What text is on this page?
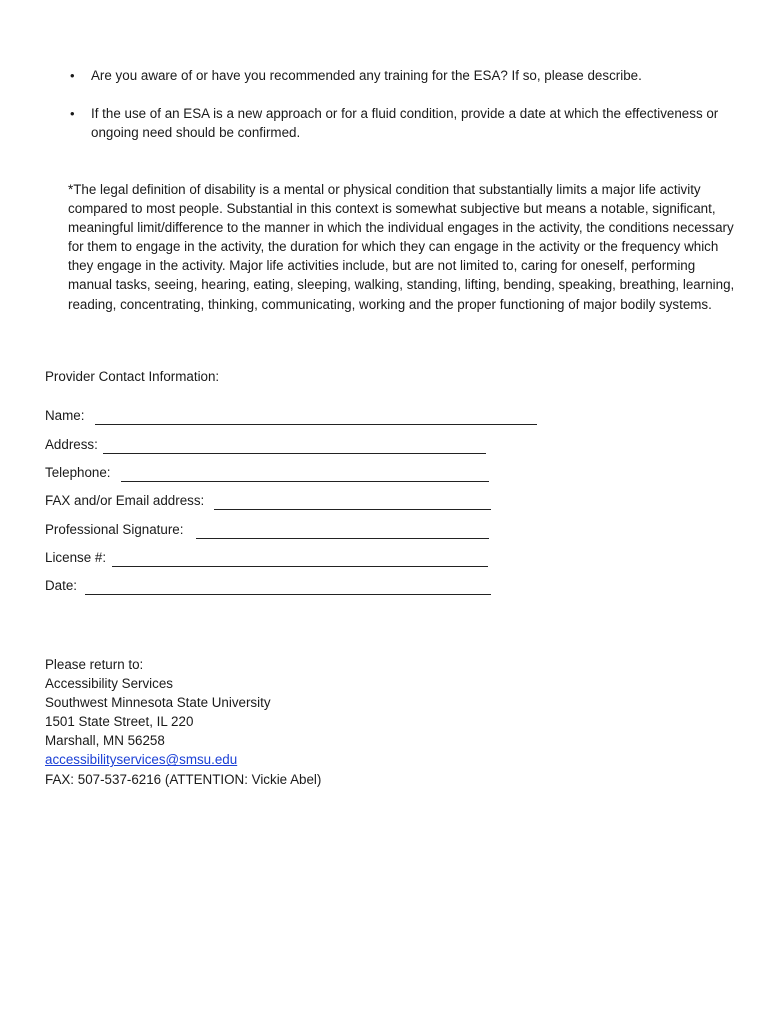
• Are you aware of or have you recommended any training for the ESA? If so, please describe.
• If the use of an ESA is a new approach or for a fluid condition, provide a date at which the effectiveness or ongoing need should be confirmed.
*The legal definition of disability is a mental or physical condition that substantially limits a major life activity compared to most people. Substantial in this context is somewhat subjective but means a notable, significant, meaningful limit/difference to the manner in which the individual engages in the activity, the conditions necessary for them to engage in the activity, the duration for which they can engage in the activity or the frequency which they engage in the activity. Major life activities include, but are not limited to, caring for oneself, performing manual tasks, seeing, hearing, eating, sleeping, walking, standing, lifting, bending, speaking, breathing, learning, reading, concentrating, thinking, communicating, working and the proper functioning of major bodily systems.
Provider Contact Information:
Name:
Address:
Telephone:
FAX and/or Email address:
Professional Signature:
License #:
Date:
Please return to:
Accessibility Services
Southwest Minnesota State University
1501 State Street, IL 220
Marshall, MN 56258
accessibilityservices@smsu.edu
FAX: 507-537-6216 (ATTENTION: Vickie Abel)
